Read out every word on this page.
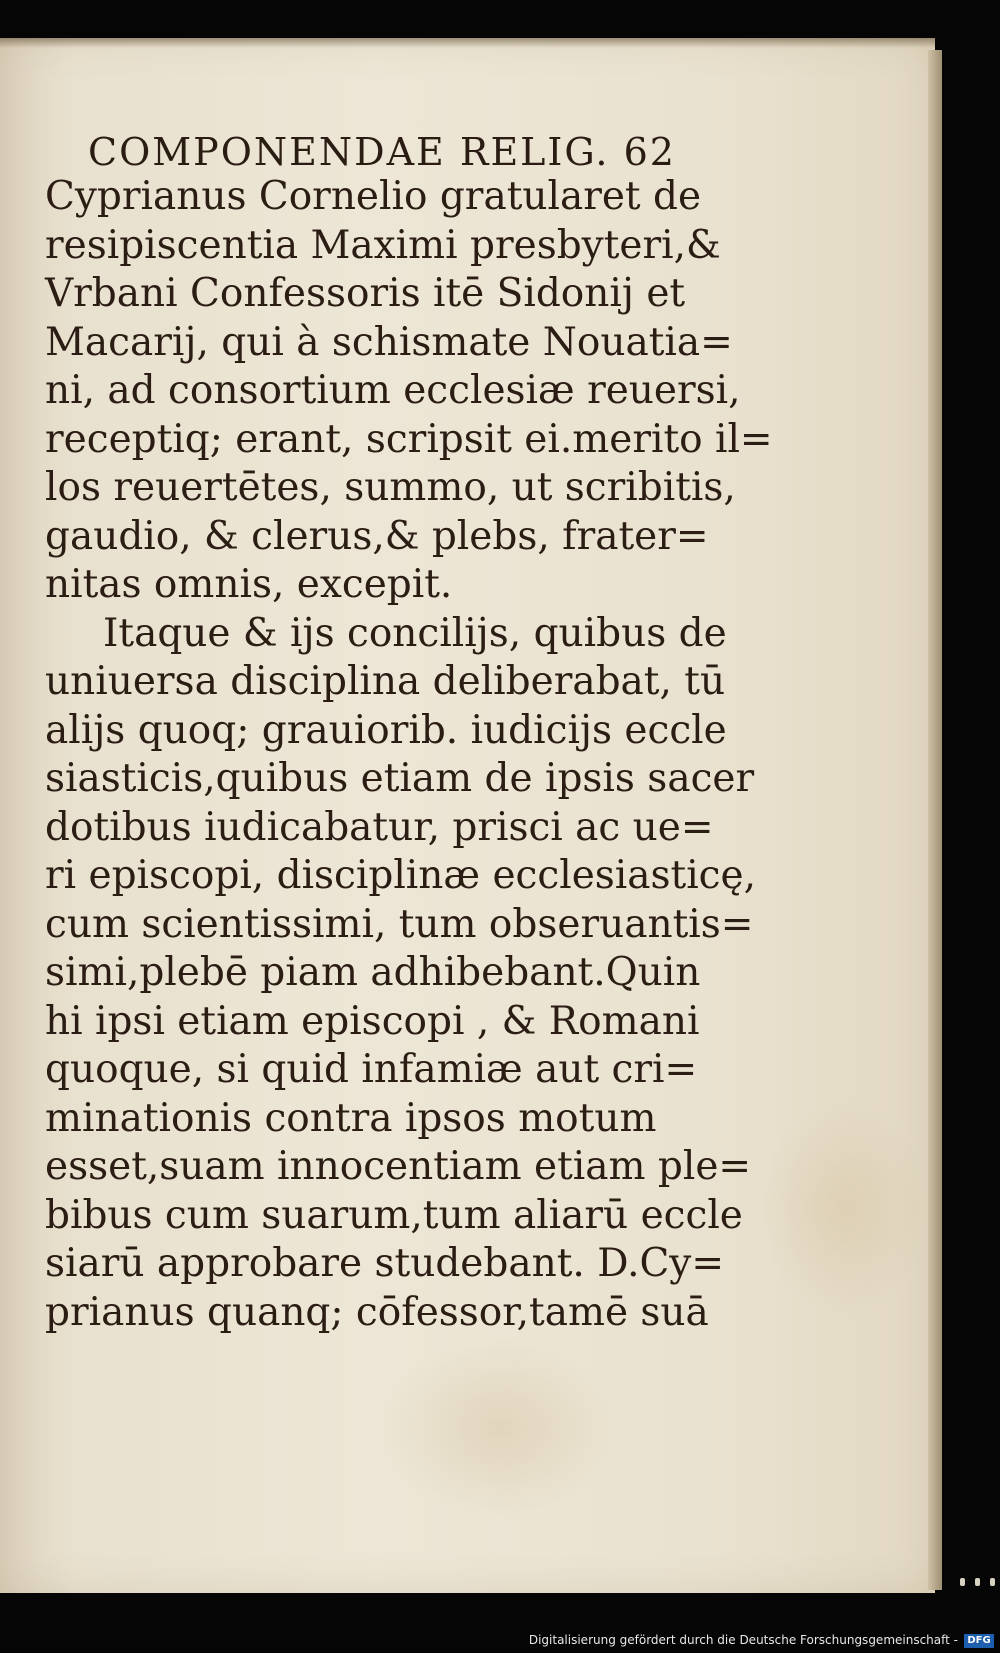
COMPONENDAE RELIG. 62
Cyprianus Cornelio gratularet de
resipiscentia Maximi presbyteri,&
Vrbani Confessoris itē Sidonij et
Macarij, qui à schismate Nouatia=
ni, ad consortium ecclesiæ reuersi,
receptiq; erant, scripsit ei.merito il=
los reuertētes, summo, ut scribitis,
gaudio, & clerus,& plebs, frater=
nitas omnis, excepit.
Itaque & ijs concilijs, quibus de
uniuersa disciplina deliberabat, tū
alijs quoq; grauiorib. iudicijs eccle
siasticis,quibus etiam de ipsis sacer
dotibus iudicabatur, prisci ac ue=
ri episcopi, disciplinæ ecclesiasticę,
cum scientissimi, tum obseruantis=
simi,plebē piam adhibebant.Quin
hi ipsi etiam episcopi , & Romani
quoque, si quid infamiæ aut cri=
minationis contra ipsos motum
esset,suam innocentiam etiam ple=
bibus cum suarum,tum aliarū eccle
siarū approbare studebant. D.Cy=
prianus quanq; cōfessor,tamē suā
Digitalisierung gefördert durch die Deutsche Forschungsgemeinschaft - DFG
